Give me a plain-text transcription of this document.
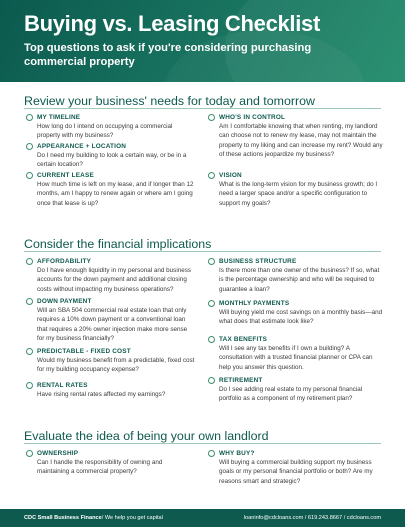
Buying vs. Leasing Checklist
Top questions to ask if you're considering purchasing commercial property
Review your business' needs for today and tomorrow
MY TIMELINE
How long do I intend on occupying a commercial property with my business?
APPEARANCE + LOCATION
Do I need my building to look a certain way, or be in a certain location?
CURRENT LEASE
How much time is left on my lease, and if longer than 12 months, am I happy to renew again or where am I going once that lease is up?
WHO'S IN CONTROL
Am I comfortable knowing that when renting, my landlord can choose not to renew my lease, may not maintain the property to my liking and can increase my rent? Would any of these actions jeopardize my business?
VISION
What is the long-term vision for my business growth; do I need a larger space and/or a specific configuration to support my goals?
Consider the financial implications
AFFORDABILITY
Do I have enough liquidity in my personal and business accounts for the down payment and additional closing costs without impacting my business operations?
DOWN PAYMENT
Will an SBA 504 commercial real estate loan that only requires a 10% down payment or a conventional loan that requires a 20% owner injection make more sense for my business financially?
PREDICTABLE - FIXED COST
Would my business benefit from a predictable, fixed cost for my building occupancy expense?
RENTAL RATES
Have rising rental rates affected my earnings?
BUSINESS STRUCTURE
Is there more than one owner of the business? If so, what is the percentage ownership and who will be required to guarantee a loan?
MONTHLY PAYMENTS
Will buying yield me cost savings on a monthly basis—and what does that estimate look like?
TAX BENEFITS
Will I see any tax benefits if I own a building? A consultation with a trusted financial planner or CPA can help you answer this question.
RETIREMENT
Do I see adding real estate to my personal financial portfolio as a component of my retirement plan?
Evaluate the idea of being your own landlord
OWNERSHIP
Can I handle the responsibility of owning and maintaining a commercial property?
WHY BUY?
Will buying a commercial building support my business goals or my personal financial portfolio or both? Are my reasons smart and strategic?
CDC Small Business Finance / We help you get capital	loaninfo@cdcloans.com / 619.243.8667 / cdcloans.com
